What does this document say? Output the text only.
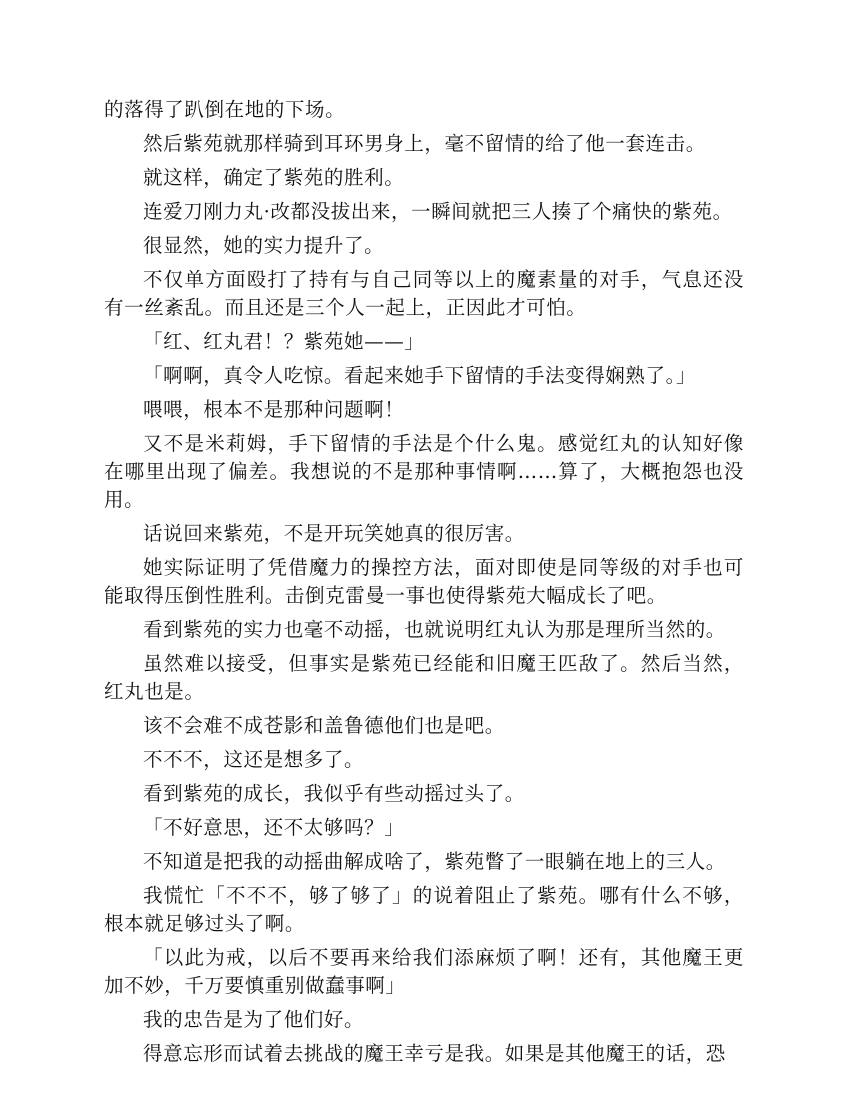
的落得了趴倒在地的下场。

然后紫苑就那样骑到耳环男身上，毫不留情的给了他一套连击。

就这样，确定了紫苑的胜利。

连爱刀刚力丸·改都没拔出来，一瞬间就把三人揍了个痛快的紫苑。

很显然，她的实力提升了。

不仅单方面殴打了持有与自己同等以上的魔素量的对手，气息还没有一丝紊乱。而且还是三个人一起上，正因此才可怕。

「红、红丸君！？紫苑她——」

「啊啊，真令人吃惊。看起来她手下留情的手法变得娴熟了。」

喂喂，根本不是那种问题啊！

又不是米莉姆，手下留情的手法是个什么鬼。感觉红丸的认知好像在哪里出现了偏差。我想说的不是那种事情啊……算了，大概抱怨也没用。

话说回来紫苑，不是开玩笑她真的很厉害。

她实际证明了凭借魔力的操控方法，面对即使是同等级的对手也可能取得压倒性胜利。击倒克雷曼一事也使得紫苑大幅成长了吧。

看到紫苑的实力也毫不动摇，也就说明红丸认为那是理所当然的。

虽然难以接受，但事实是紫苑已经能和旧魔王匹敌了。然后当然，红丸也是。

该不会难不成苍影和盖鲁德他们也是吧。

不不不，这还是想多了。

看到紫苑的成长，我似乎有些动摇过头了。

「不好意思，还不太够吗？」

不知道是把我的动摇曲解成啥了，紫苑瞥了一眼躺在地上的三人。

我慌忙「不不不，够了够了」的说着阻止了紫苑。哪有什么不够，根本就足够过头了啊。

「以此为戒，以后不要再来给我们添麻烦了啊！还有，其他魔王更加不妙，千万要慎重别做蠢事啊」

我的忠告是为了他们好。

得意忘形而试着去挑战的魔王幸亏是我。如果是其他魔王的话，恐
